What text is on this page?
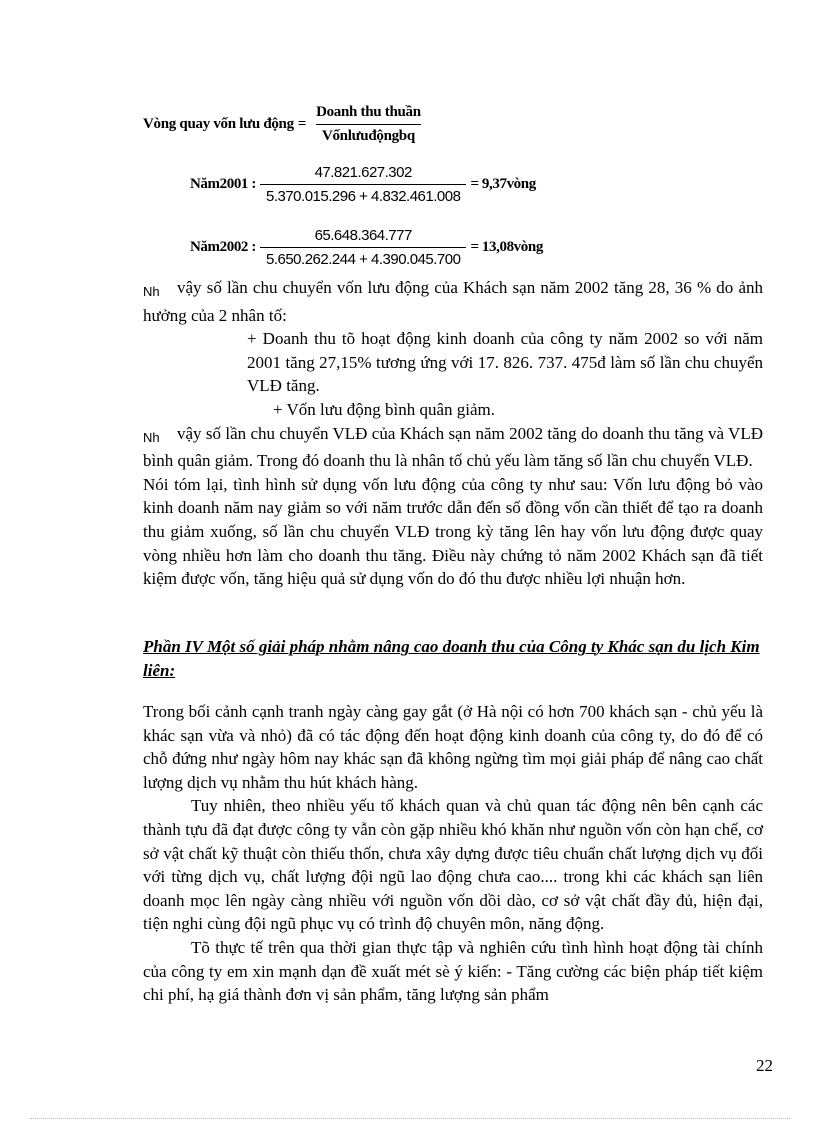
Vòng quay vốn lưu động = $\frac{\text{Doanh thu thuần}}{\text{Vốnlưuđộngbq}}$
Năm2001 : $\frac{47.821.627.302}{5.370.015.296 + 4.832.461.008}$ = 9,37vòng
Năm2002 : $\frac{65.648.364.777}{5.650.262.244 + 4.390.045.700}$ = 13,08vòng

Nh vậy số lần chu chuyển vốn lưu động của Khách sạn năm 2002 tăng 28, 36 % do ảnh hưởng của 2 nhân tố:

+ Doanh thu tõ hoạt động kinh doanh của công ty năm 2002 so với năm 2001 tăng 27,15% tương ứng với 17. 826. 737. 475đ làm số lần chu chuyển VLĐ tăng.

+ Vốn lưu động bình quân giảm.

Nh vậy số lần chu chuyển VLĐ của Khách sạn năm 2002 tăng do doanh thu tăng và VLĐ bình quân giảm. Trong đó doanh thu là nhân tố chủ yếu làm tăng số lần chu chuyển VLĐ.

Nói tóm lại, tình hình sử dụng vốn lưu động của công ty như sau: Vốn lưu động bỏ vào kinh doanh năm nay giảm so với năm trước dẫn đến số đồng vốn cần thiết để tạo ra doanh thu giảm xuống, số lần chu chuyển VLĐ trong kỳ tăng lên hay vốn lưu động được quay vòng nhiều hơn làm cho doanh thu tăng. Điều này chứng tỏ năm 2002 Khách sạn đã tiết kiệm được vốn, tăng hiệu quả sử dụng vốn do đó thu được nhiều lợi nhuận hơn.

Phần IV Một số giải pháp nhằm nâng cao doanh thu của Công ty Khác sạn du lịch Kim liên:

Trong bối cảnh cạnh tranh ngày càng gay gắt (ở Hà nội có hơn 700 khách sạn - chủ yếu là khác sạn vừa và nhỏ) đã có tác động đến hoạt động kinh doanh của công ty, do đó để có chỗ đứng như ngày hôm nay khác sạn đã không ngừng tìm mọi giải pháp để nâng cao chất lượng dịch vụ nhằm thu hút khách hàng.

Tuy nhiên, theo nhiều yếu tố khách quan và chủ quan tác động nên bên cạnh các thành tựu đã đạt được công ty vẫn còn gặp nhiều khó khăn như nguồn vốn còn hạn chế, cơ sở vật chất kỹ thuật còn thiếu thốn, chưa xây dựng được tiêu chuẩn chất lượng dịch vụ đối với từng dịch vụ, chất lượng đội ngũ lao động chưa cao.... trong khi các khách sạn liên doanh mọc lên ngày càng nhiều với nguồn vốn dồi dào, cơ sở vật chất đầy đủ, hiện đại, tiện nghi cùng đội ngũ phục vụ có trình độ chuyên môn, năng động.

Tõ thực tế trên qua thời gian thực tập và nghiên cứu tình hình hoạt động tài chính của công ty em xin mạnh dạn đề xuất mét sè ý kiến: - Tăng cường các biện pháp tiết kiệm chi phí, hạ giá thành đơn vị sản phẩm, tăng lượng sản phẩm

22
